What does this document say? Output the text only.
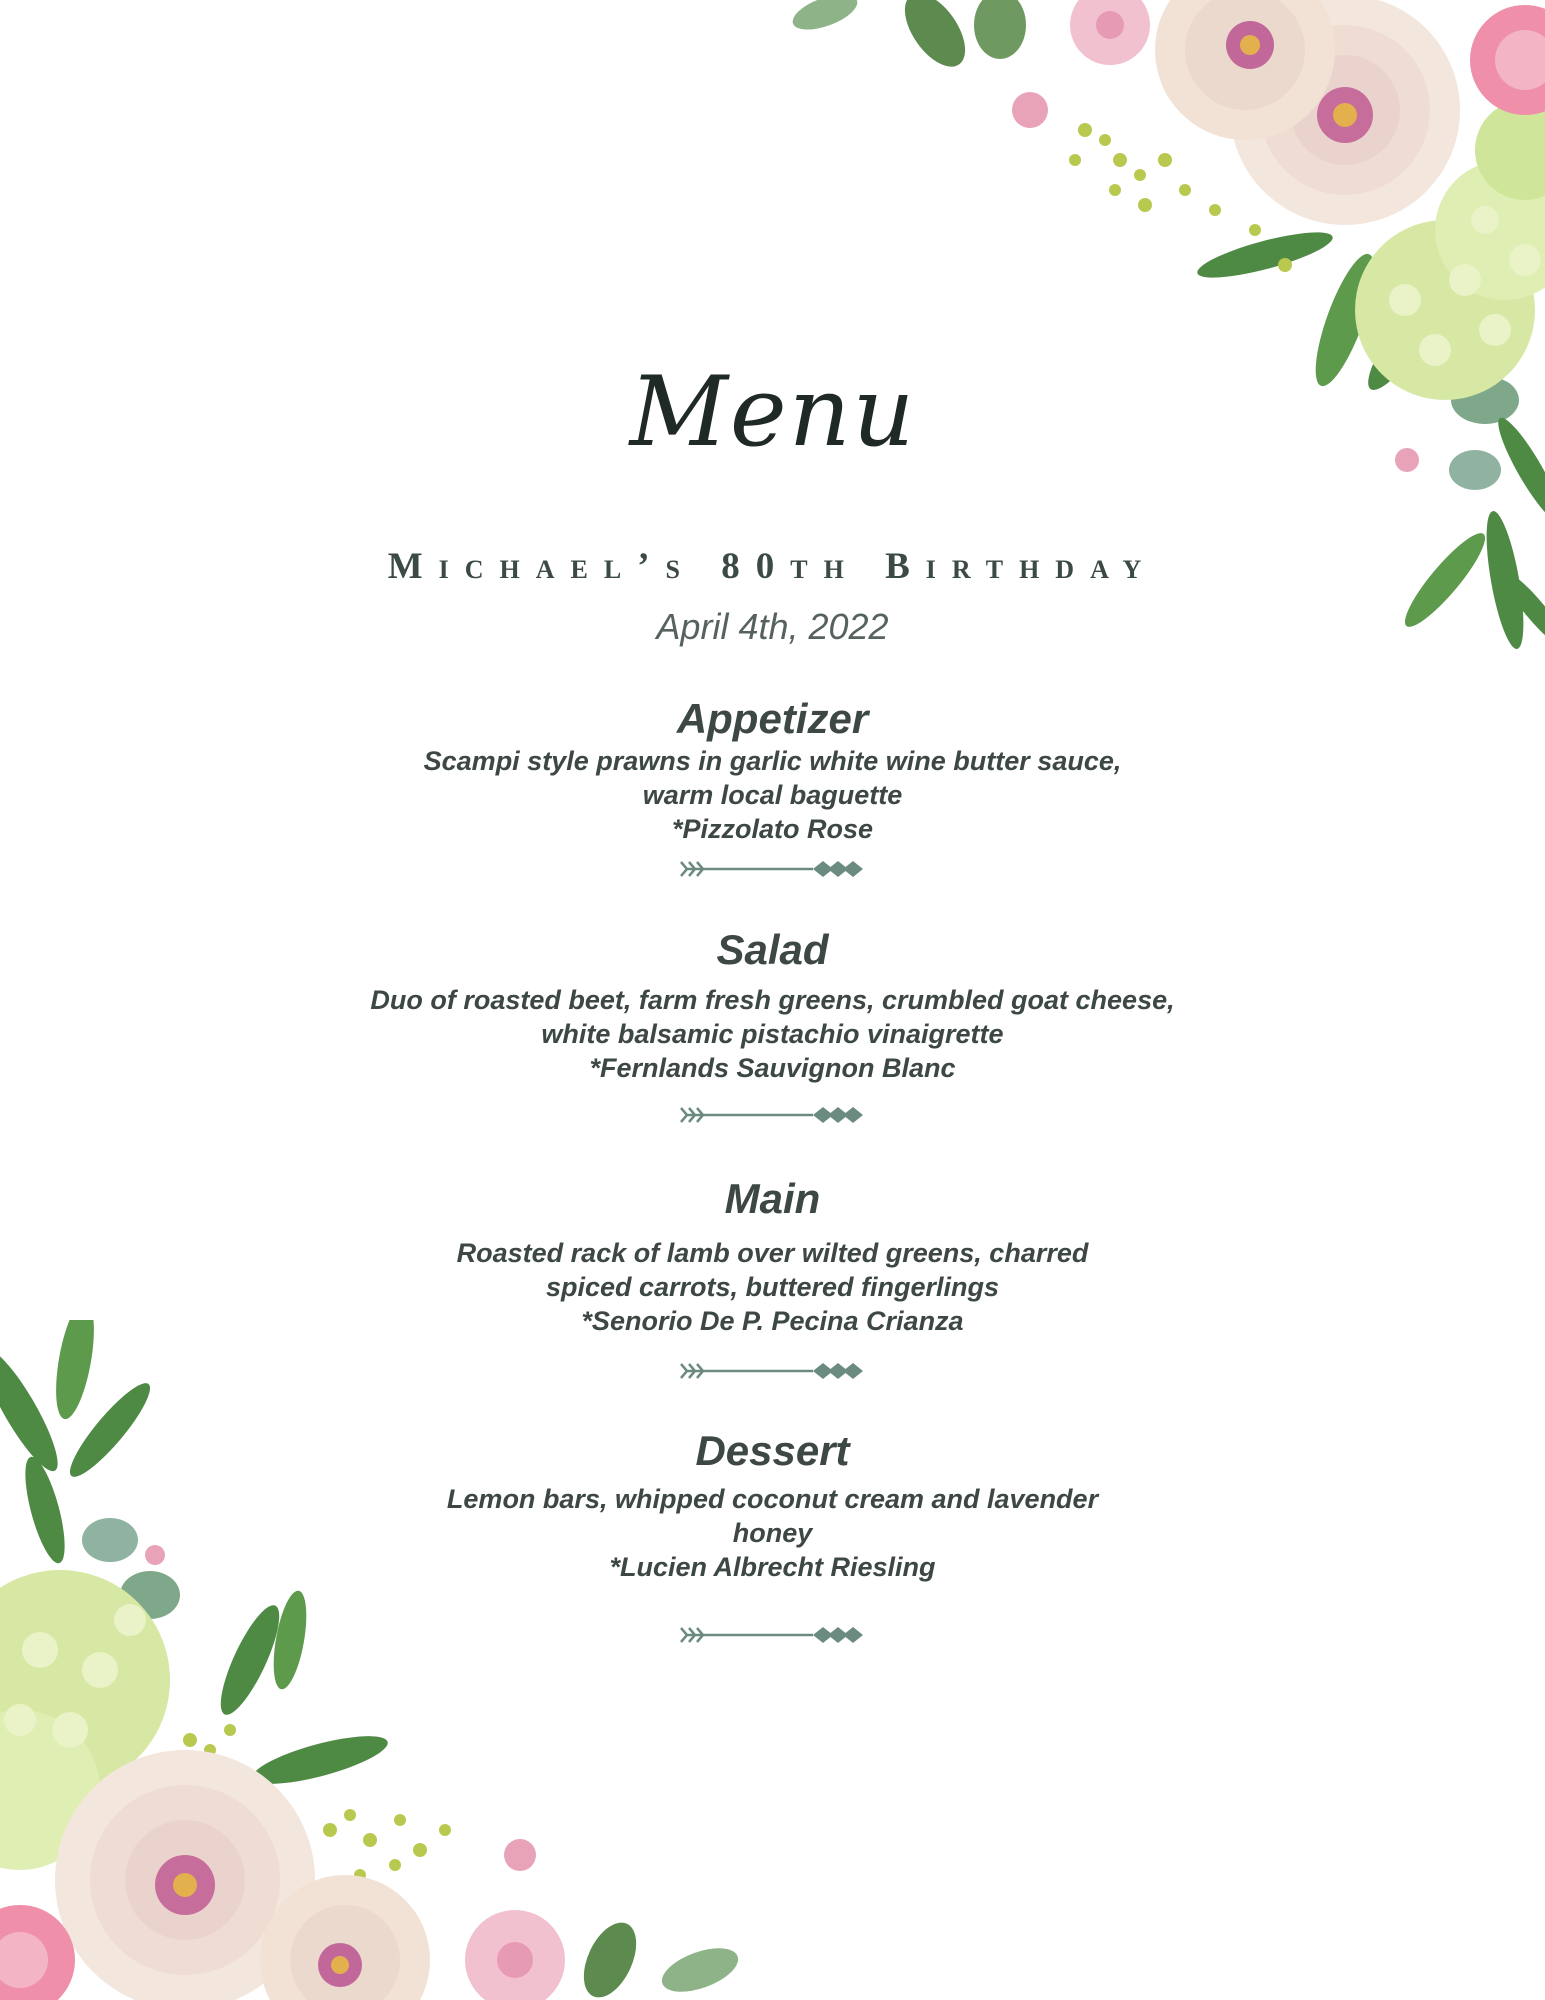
Menu
Michael’s 80th Birthday
April 4th, 2022
Appetizer
Scampi style prawns in garlic white wine butter sauce,
warm local baguette
*Pizzolato Rose
Salad
Duo of roasted beet, farm fresh greens, crumbled goat cheese,
white balsamic pistachio vinaigrette
*Fernlands Sauvignon Blanc
Main
Roasted rack of lamb over wilted greens, charred
spiced carrots, buttered fingerlings
*Senorio De P. Pecina Crianza
Dessert
Lemon bars, whipped coconut cream and lavender
honey
*Lucien Albrecht Riesling
